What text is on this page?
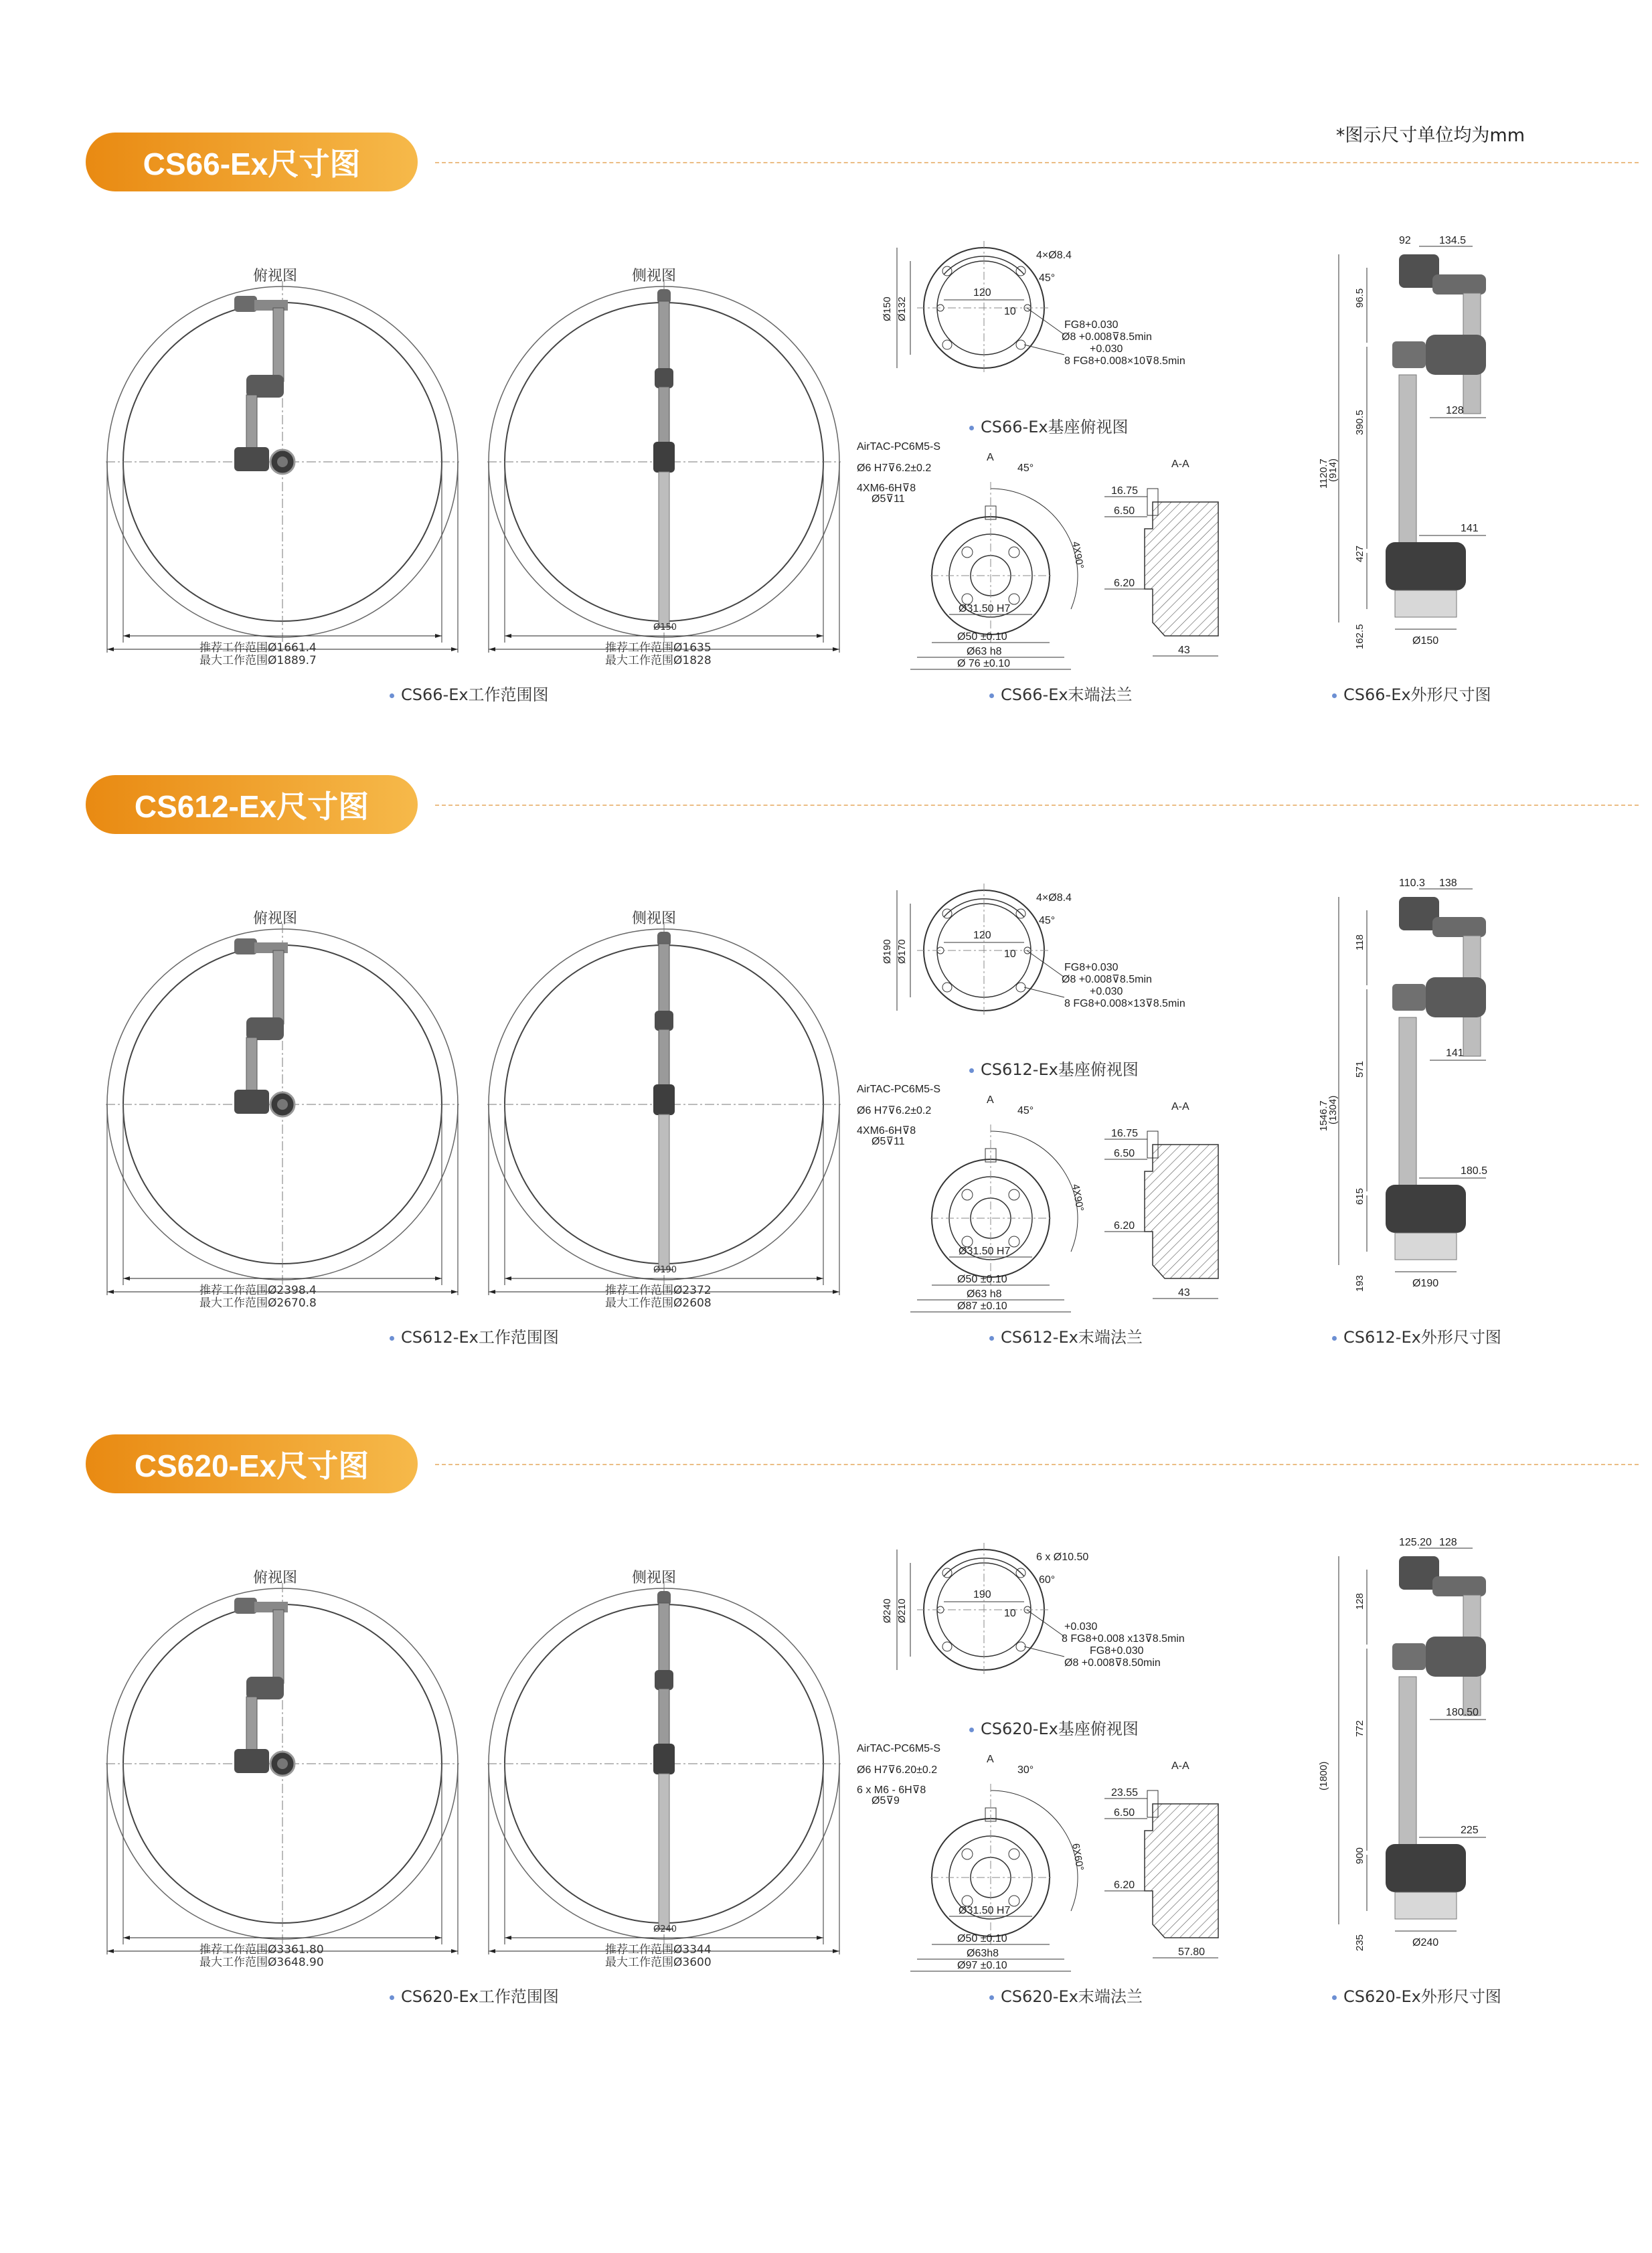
*图示尺寸单位均为mm
CS66-Ex尺寸图
俯视图	侧视图
推荐工作范围Ø1661.4
最大工作范围Ø1889.7
Ø150
推荐工作范围Ø1635
最大工作范围Ø1828
CS66-Ex工作范围图
4×Ø8.4
45°
Ø150 Ø132
120
10
FG8+0.030
Ø8 +0.008⊽8.5min
+0.030
8 FG8+0.008×10⊽8.5min
CS66-Ex基座俯视图
AirTAC-PC6M5-S
A
Ø6 H7⊽6.2±0.2
4XM6-6H⊽8
Ø5⊽11
45°
4X90°
Ø31.50 H7
Ø50 ±0.10
Ø63 h8
Ø 76 ±0.10
A-A
16.75
6.50
6.20
43
CS66-Ex末端法兰
92	134.5
96.5
390.5	128
1120.7
(914)
427
141
162.5	Ø150
CS66-Ex外形尺寸图
CS612-Ex尺寸图
俯视图	侧视图
推荐工作范围Ø2398.4
最大工作范围Ø2670.8
Ø190
推荐工作范围Ø2372
最大工作范围Ø2608
CS612-Ex工作范围图
4×Ø8.4
45°
Ø190 Ø170
120
10
FG8+0.030
Ø8 +0.008⊽8.5min
+0.030
8 FG8+0.008×13⊽8.5min
CS612-Ex基座俯视图
AirTAC-PC6M5-S
A
Ø6 H7⊽6.2±0.2
4XM6-6H⊽8
Ø5⊽11
45°
4X90°
Ø31.50 H7
Ø50 ±0.10
Ø63 h8
Ø87 ±0.10
A-A
16.75
6.50
6.20
43
CS612-Ex末端法兰
110.3 138
118
571
141
1546.7
(1304)
615
180.5
193	Ø190
CS612-Ex外形尺寸图
CS620-Ex尺寸图
俯视图	侧视图
推荐工作范围Ø3361.80
最大工作范围Ø3648.90
Ø240
推荐工作范围Ø3344
最大工作范围Ø3600
CS620-Ex工作范围图
6 x Ø10.50
60°
Ø240 Ø210
190
10
+0.030
8 FG8+0.008 x13⊽8.5min
FG8+0.030
Ø8 +0.008⊽8.50min
CS620-Ex基座俯视图
AirTAC-PC6M5-S
A
Ø6 H7⊽6.20±0.2
6 x M6 - 6H⊽8
Ø5⊽9
30°
6X60°
Ø31.50 H7
Ø50 ±0.10
Ø63h8
Ø97 ±0.10
A-A
23.55
6.50
6.20
57.80
CS620-Ex末端法兰
125.20 128
128
772
180.50
(1800)
900
225
235	Ø240
CS620-Ex外形尺寸图
